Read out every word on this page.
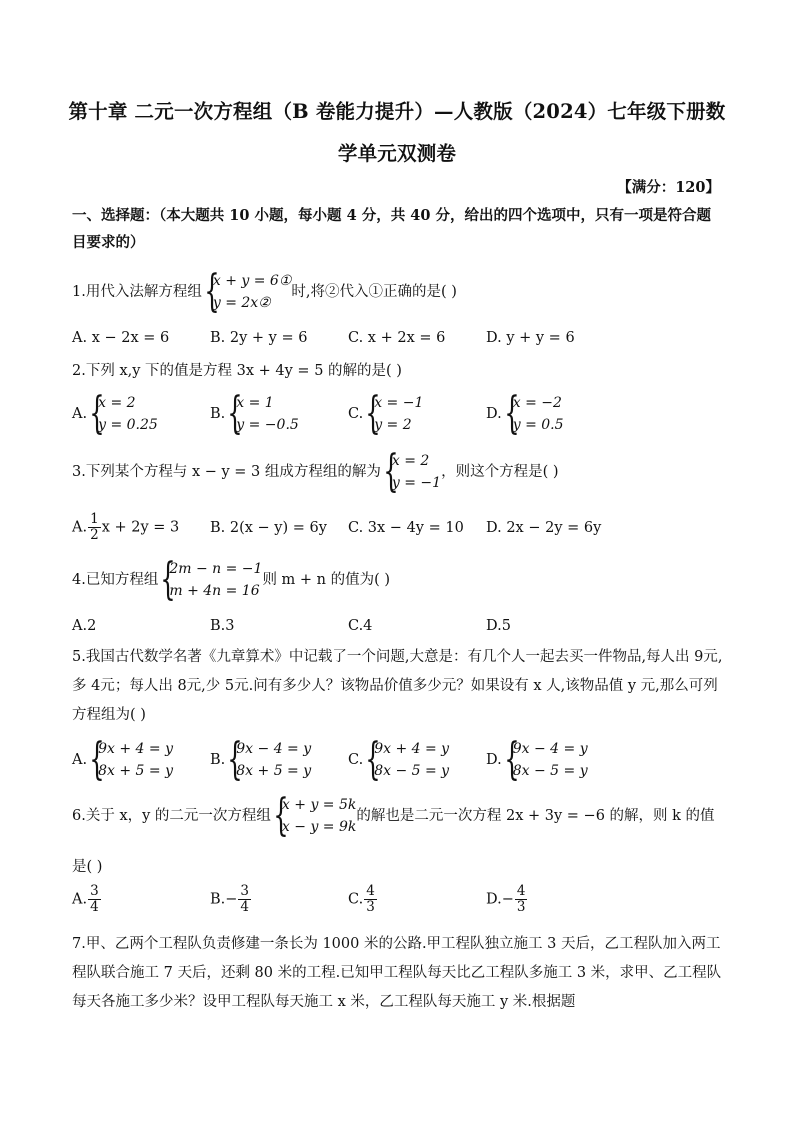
第十章 二元一次方程组（B 卷能力提升）—人教版（2024）七年级下册数
学单元双测卷
【满分：120】
一、选择题：（本大题共 10 小题，每小题 4 分，共 40 分，给出的四个选项中，只有一项是符合题目要求的）
1.用代入法解方程组 {
x + y = 6①
y = 2x②
时,将②代入①正确的是( )
A. x − 2x = 6	B. 2y + y = 6	C. x + 2x = 6	D. y + y = 6
2.下列 x,y 下的值是方程 3x + 4y = 5 的解的是( )
A. {
x = 2
y = 0.25
B. {
x = 1
y = −0.5
C. {
x = −1
y = 2
D. {
x = −2
y = 0.5
3.下列某个方程与 x − y = 3 组成方程组的解为 {
x = 2
y = −1
，则这个方程是( )
A. $\frac{1}{2}$ x + 2y = 3 B. 2(x − y) = 6y C. 3x − 4y = 10 D. 2x − 2y = 6y
4.已知方程组 {
2m − n = −1
m + 4n = 16
则 m + n 的值为( )
A.2	B.3	C.4	D.5
5.我国古代数学名著《九章算术》中记载了一个问题,大意是：有几个人一起去买一件物品,每人出 9元,多 4元；每人出 8元,少 5元.问有多少人？该物品价值多少元？如果设有 x 人,该物品值 y 元,那么可列方程组为( )
A. {
9x + 4 = y
8x + 5 = y
B. {
9x − 4 = y
8x + 5 = y
C. {
9x + 4 = y
8x − 5 = y
D. {
9x − 4 = y
8x − 5 = y
6.关于 x，y 的二元一次方程组 {
x + y = 5k
x − y = 9k
的解也是二元一次方程 2x + 3y = −6 的解，则 k 的值
是( )
A. $\frac{3}{4}$	$B.- \frac{3}{4}$	C. $\frac{4}{3}$	$D.- \frac{4}{3}$
7.甲、乙两个工程队负责修建一条长为 1000 米的公路.甲工程队独立施工 3 天后，乙工程队加入两工程队联合施工 7 天后，还剩 80 米的工程.已知甲工程队每天比乙工程队多施工 3 米，求甲、乙工程队每天各施工多少米？设甲工程队每天施工 x 米，乙工程队每天施工 y 米.根据题
